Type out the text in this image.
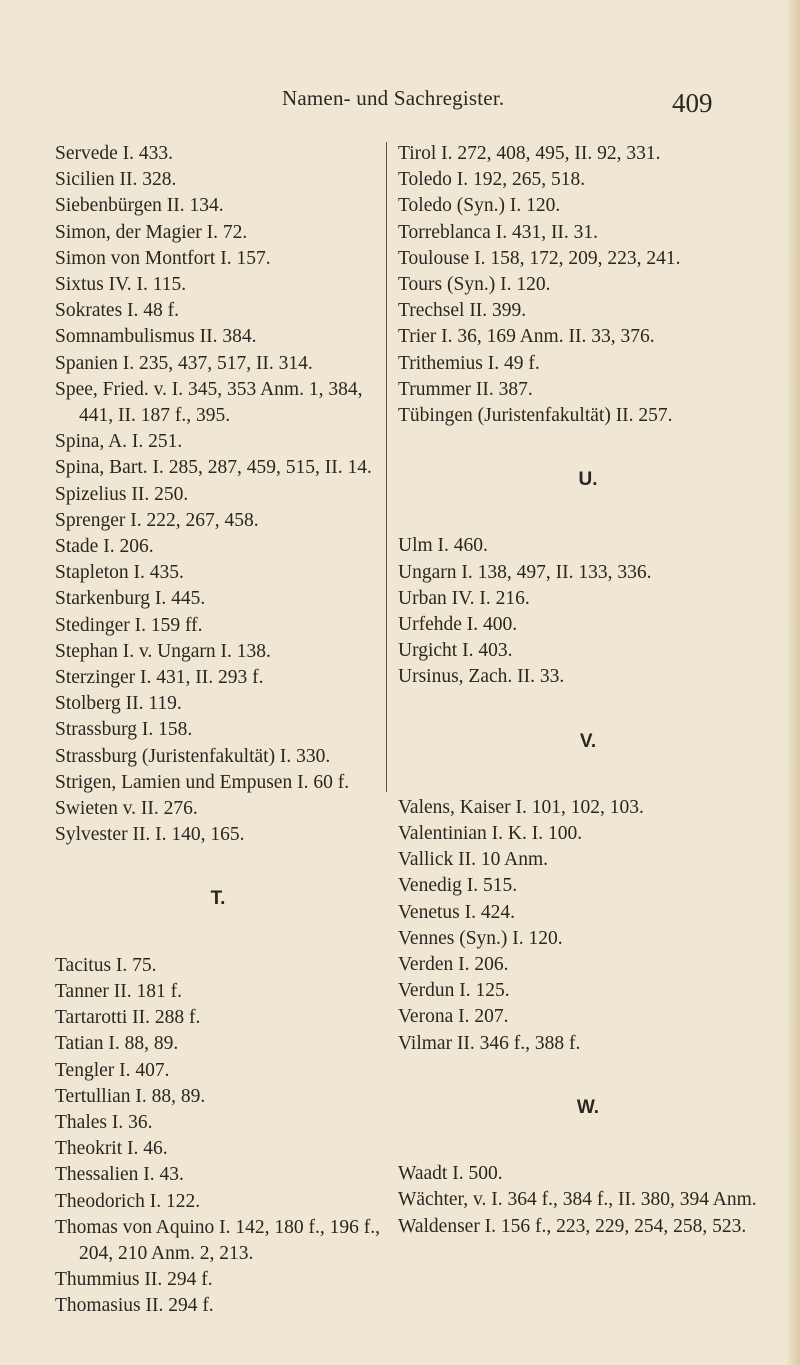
Namen- und Sachregister.	409

Servede I. 433.

Sicilien II. 328.

Siebenbürgen II. 134.

Simon, der Magier I. 72.

Simon von Montfort I. 157.

Sixtus IV. I. 115.

Sokrates I. 48 f.

Somnambulismus II. 384.

Spanien I. 235, 437, 517, II. 314.

Spee, Fried. v. I. 345, 353 Anm. 1, 384, 441, II. 187 f., 395.

Spina, A. I. 251.

Spina, Bart. I. 285, 287, 459, 515, II. 14.

Spizelius II. 250.

Sprenger I. 222, 267, 458.

Stade I. 206.

Stapleton I. 435.

Starkenburg I. 445.

Stedinger I. 159 ff.

Stephan I. v. Ungarn I. 138.

Sterzinger I. 431, II. 293 f.

Stolberg II. 119.

Strassburg I. 158.

Strassburg (Juristenfakultät) I. 330.

Strigen, Lamien und Empusen I. 60 f.

Swieten v. II. 276.

Sylvester II. I. 140, 165.

T.

Tacitus I. 75.

Tanner II. 181 f.

Tartarotti II. 288 f.

Tatian I. 88, 89.

Tengler I. 407.

Tertullian I. 88, 89.

Thales I. 36.

Theokrit I. 46.

Thessalien I. 43.

Theodorich I. 122.

Thomas von Aquino I. 142, 180 f., 196 f., 204, 210 Anm. 2, 213.

Thummius II. 294 f.

Thomasius II. 294 f.

Tirol I. 272, 408, 495, II. 92, 331.

Toledo I. 192, 265, 518.

Toledo (Syn.) I. 120.

Torreblanca I. 431, II. 31.

Toulouse I. 158, 172, 209, 223, 241.

Tours (Syn.) I. 120.

Trechsel II. 399.

Trier I. 36, 169 Anm. II. 33, 376.

Trithemius I. 49 f.

Trummer II. 387.

Tübingen (Juristenfakultät) II. 257.

U.

Ulm I. 460.

Ungarn I. 138, 497, II. 133, 336.

Urban IV. I. 216.

Urfehde I. 400.

Urgicht I. 403.

Ursinus, Zach. II. 33.

V.

Valens, Kaiser I. 101, 102, 103.

Valentinian I. K. I. 100.

Vallick II. 10 Anm.

Venedig I. 515.

Venetus I. 424.

Vennes (Syn.) I. 120.

Verden I. 206.

Verdun I. 125.

Verona I. 207.

Vilmar II. 346 f., 388 f.

W.

Waadt I. 500.

Wächter, v. I. 364 f., 384 f., II. 380, 394 Anm.

Waldenser I. 156 f., 223, 229, 254, 258, 523.
